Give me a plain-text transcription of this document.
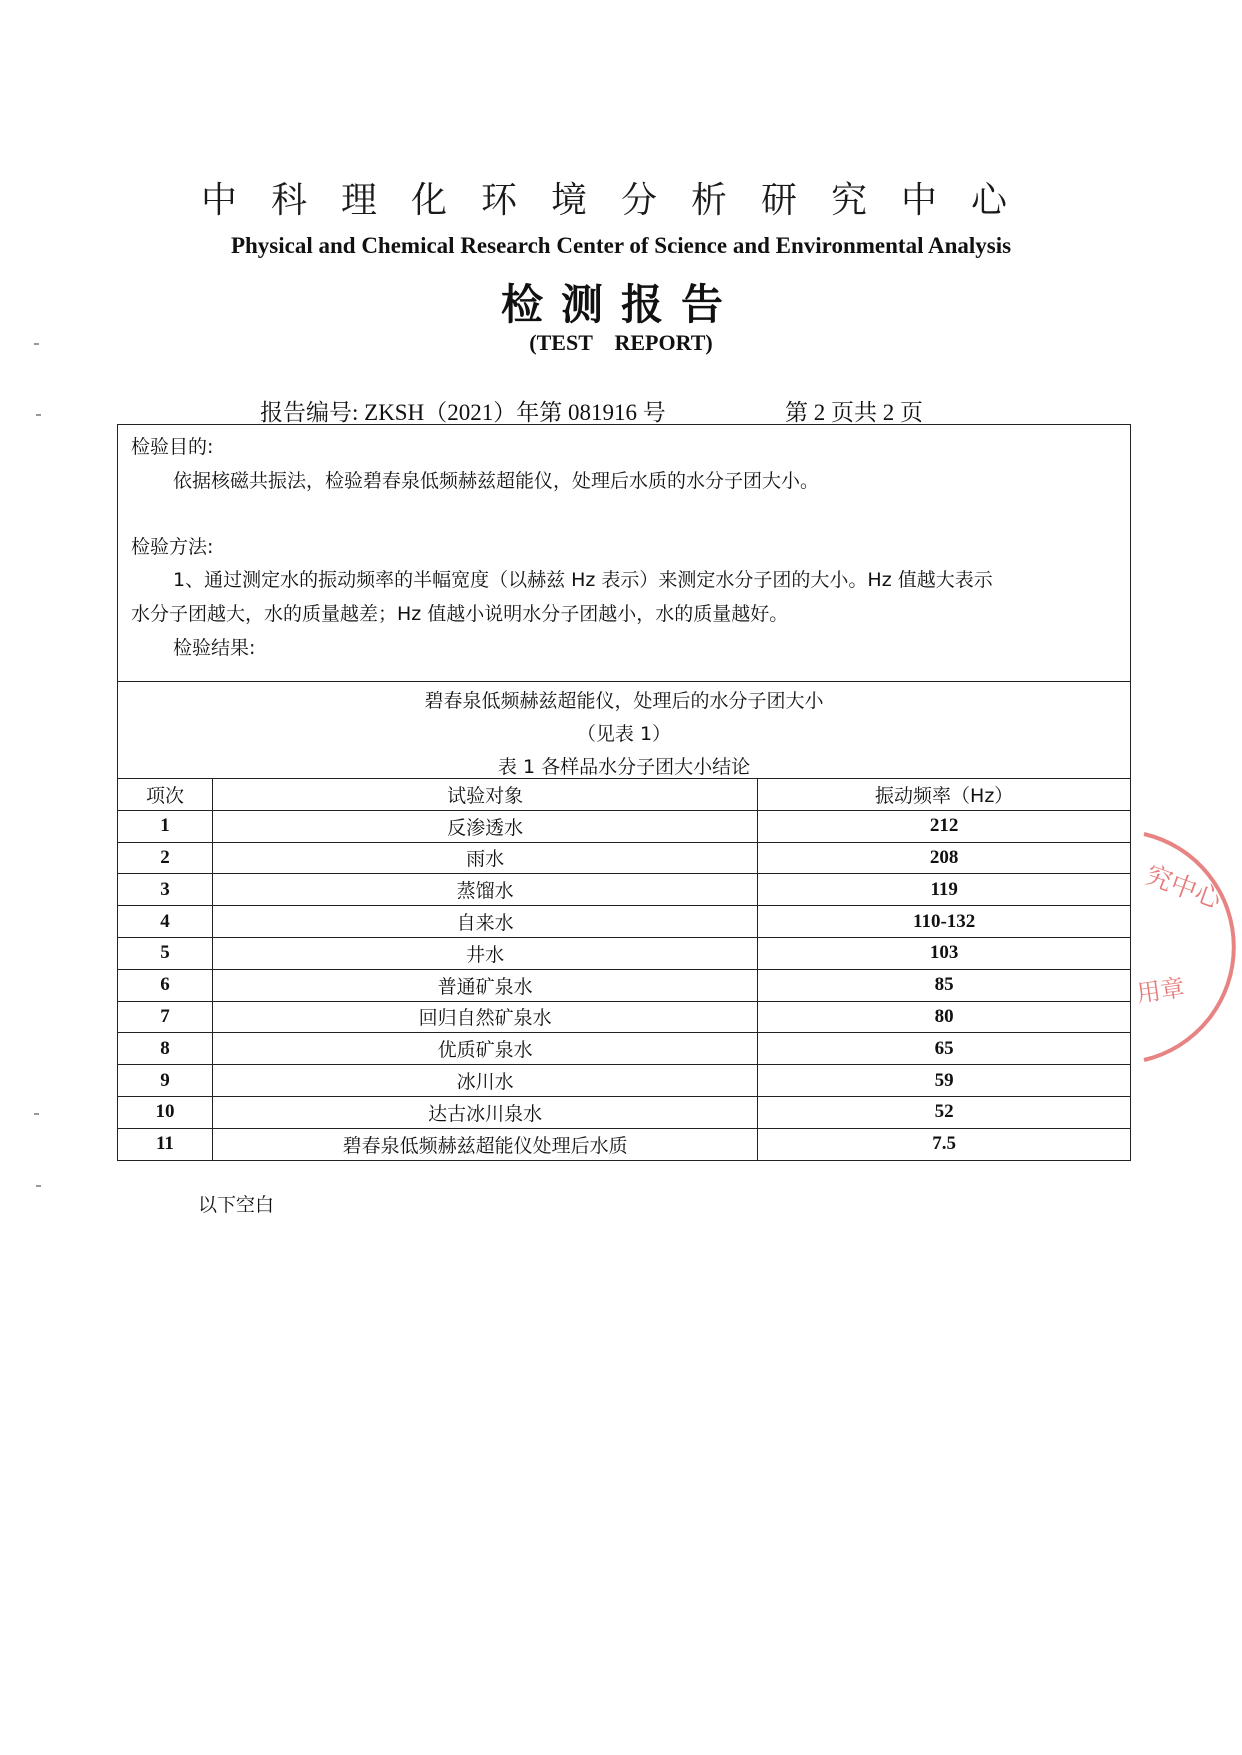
中科理化环境分析研究中心
Physical and Chemical Research Center of Science and Environmental Analysis
检测报告
(TEST    REPORT)
报告编号: ZKSH（2021）年第 081916 号	第 2 页共 2 页
检验目的:
依据核磁共振法，检验碧春泉低频赫兹超能仪，处理后水质的水分子团大小。
检验方法:
1、通过测定水的振动频率的半幅宽度（以赫兹 Hz 表示）来测定水分子团的大小。Hz 值越大表示
水分子团越大，水的质量越差；Hz 值越小说明水分子团越小，水的质量越好。
检验结果:
碧春泉低频赫兹超能仪，处理后的水分子团大小
（见表 1）
表 1 各样品水分子团大小结论
项次	试验对象	振动频率（Hz）
1	反渗透水	212
2	雨水	208
3	蒸馏水	119
4	自来水	110-132
5	井水	103
6	普通矿泉水	85
7	回归自然矿泉水	80
8	优质矿泉水	65
9	冰川水	59
10	达古冰川泉水	52
11	碧春泉低频赫兹超能仪处理后水质	7.5
以下空白
究中心
用章
